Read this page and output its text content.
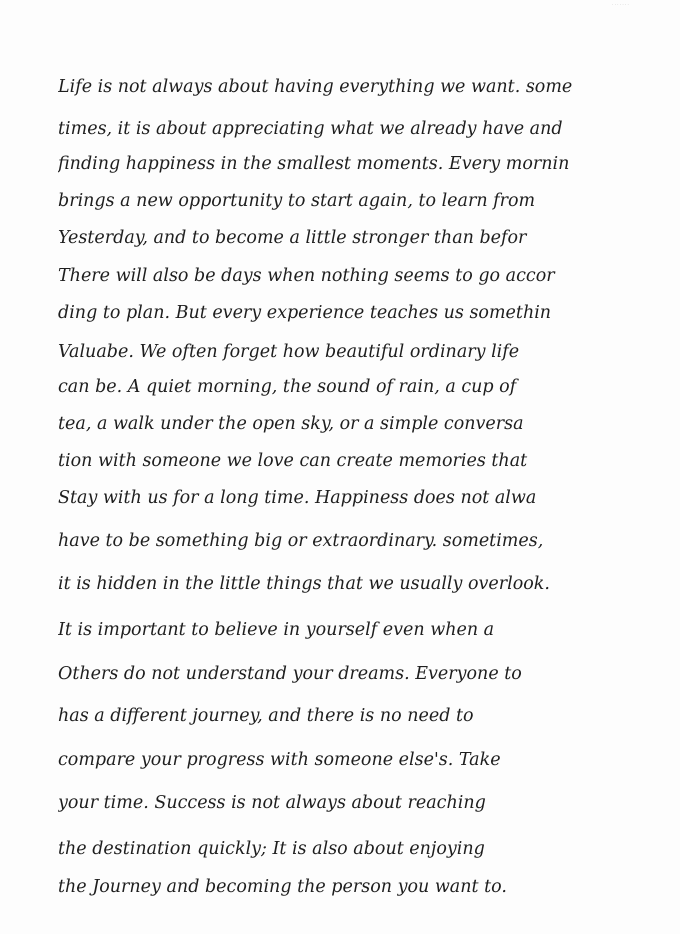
·······
Life is not always about having everything we want. some
times, it is about appreciating what we already have and
finding happiness in the smallest moments. Every mornin
brings a new opportunity to start again, to learn from
Yesterday, and to become a little stronger than befor
There will also be days when nothing seems to go accor
ding to plan. But every experience teaches us somethin
Valuabe. We often forget how beautiful ordinary life
can be. A quiet morning, the sound of rain, a cup of
tea, a walk under the open sky, or a simple conversa
tion with someone we love can create memories that
Stay with us for a long time. Happiness does not alwa
have to be something big or extraordinary. sometimes,
it is hidden in the little things that we usually overlook.
It is important to believe in yourself even when a
Others do not understand your dreams. Everyone to
has a different journey, and there is no need to
compare your progress with someone else's. Take
your time. Success is not always about reaching
the destination quickly; It is also about enjoying
the Journey and becoming the person you want to.
